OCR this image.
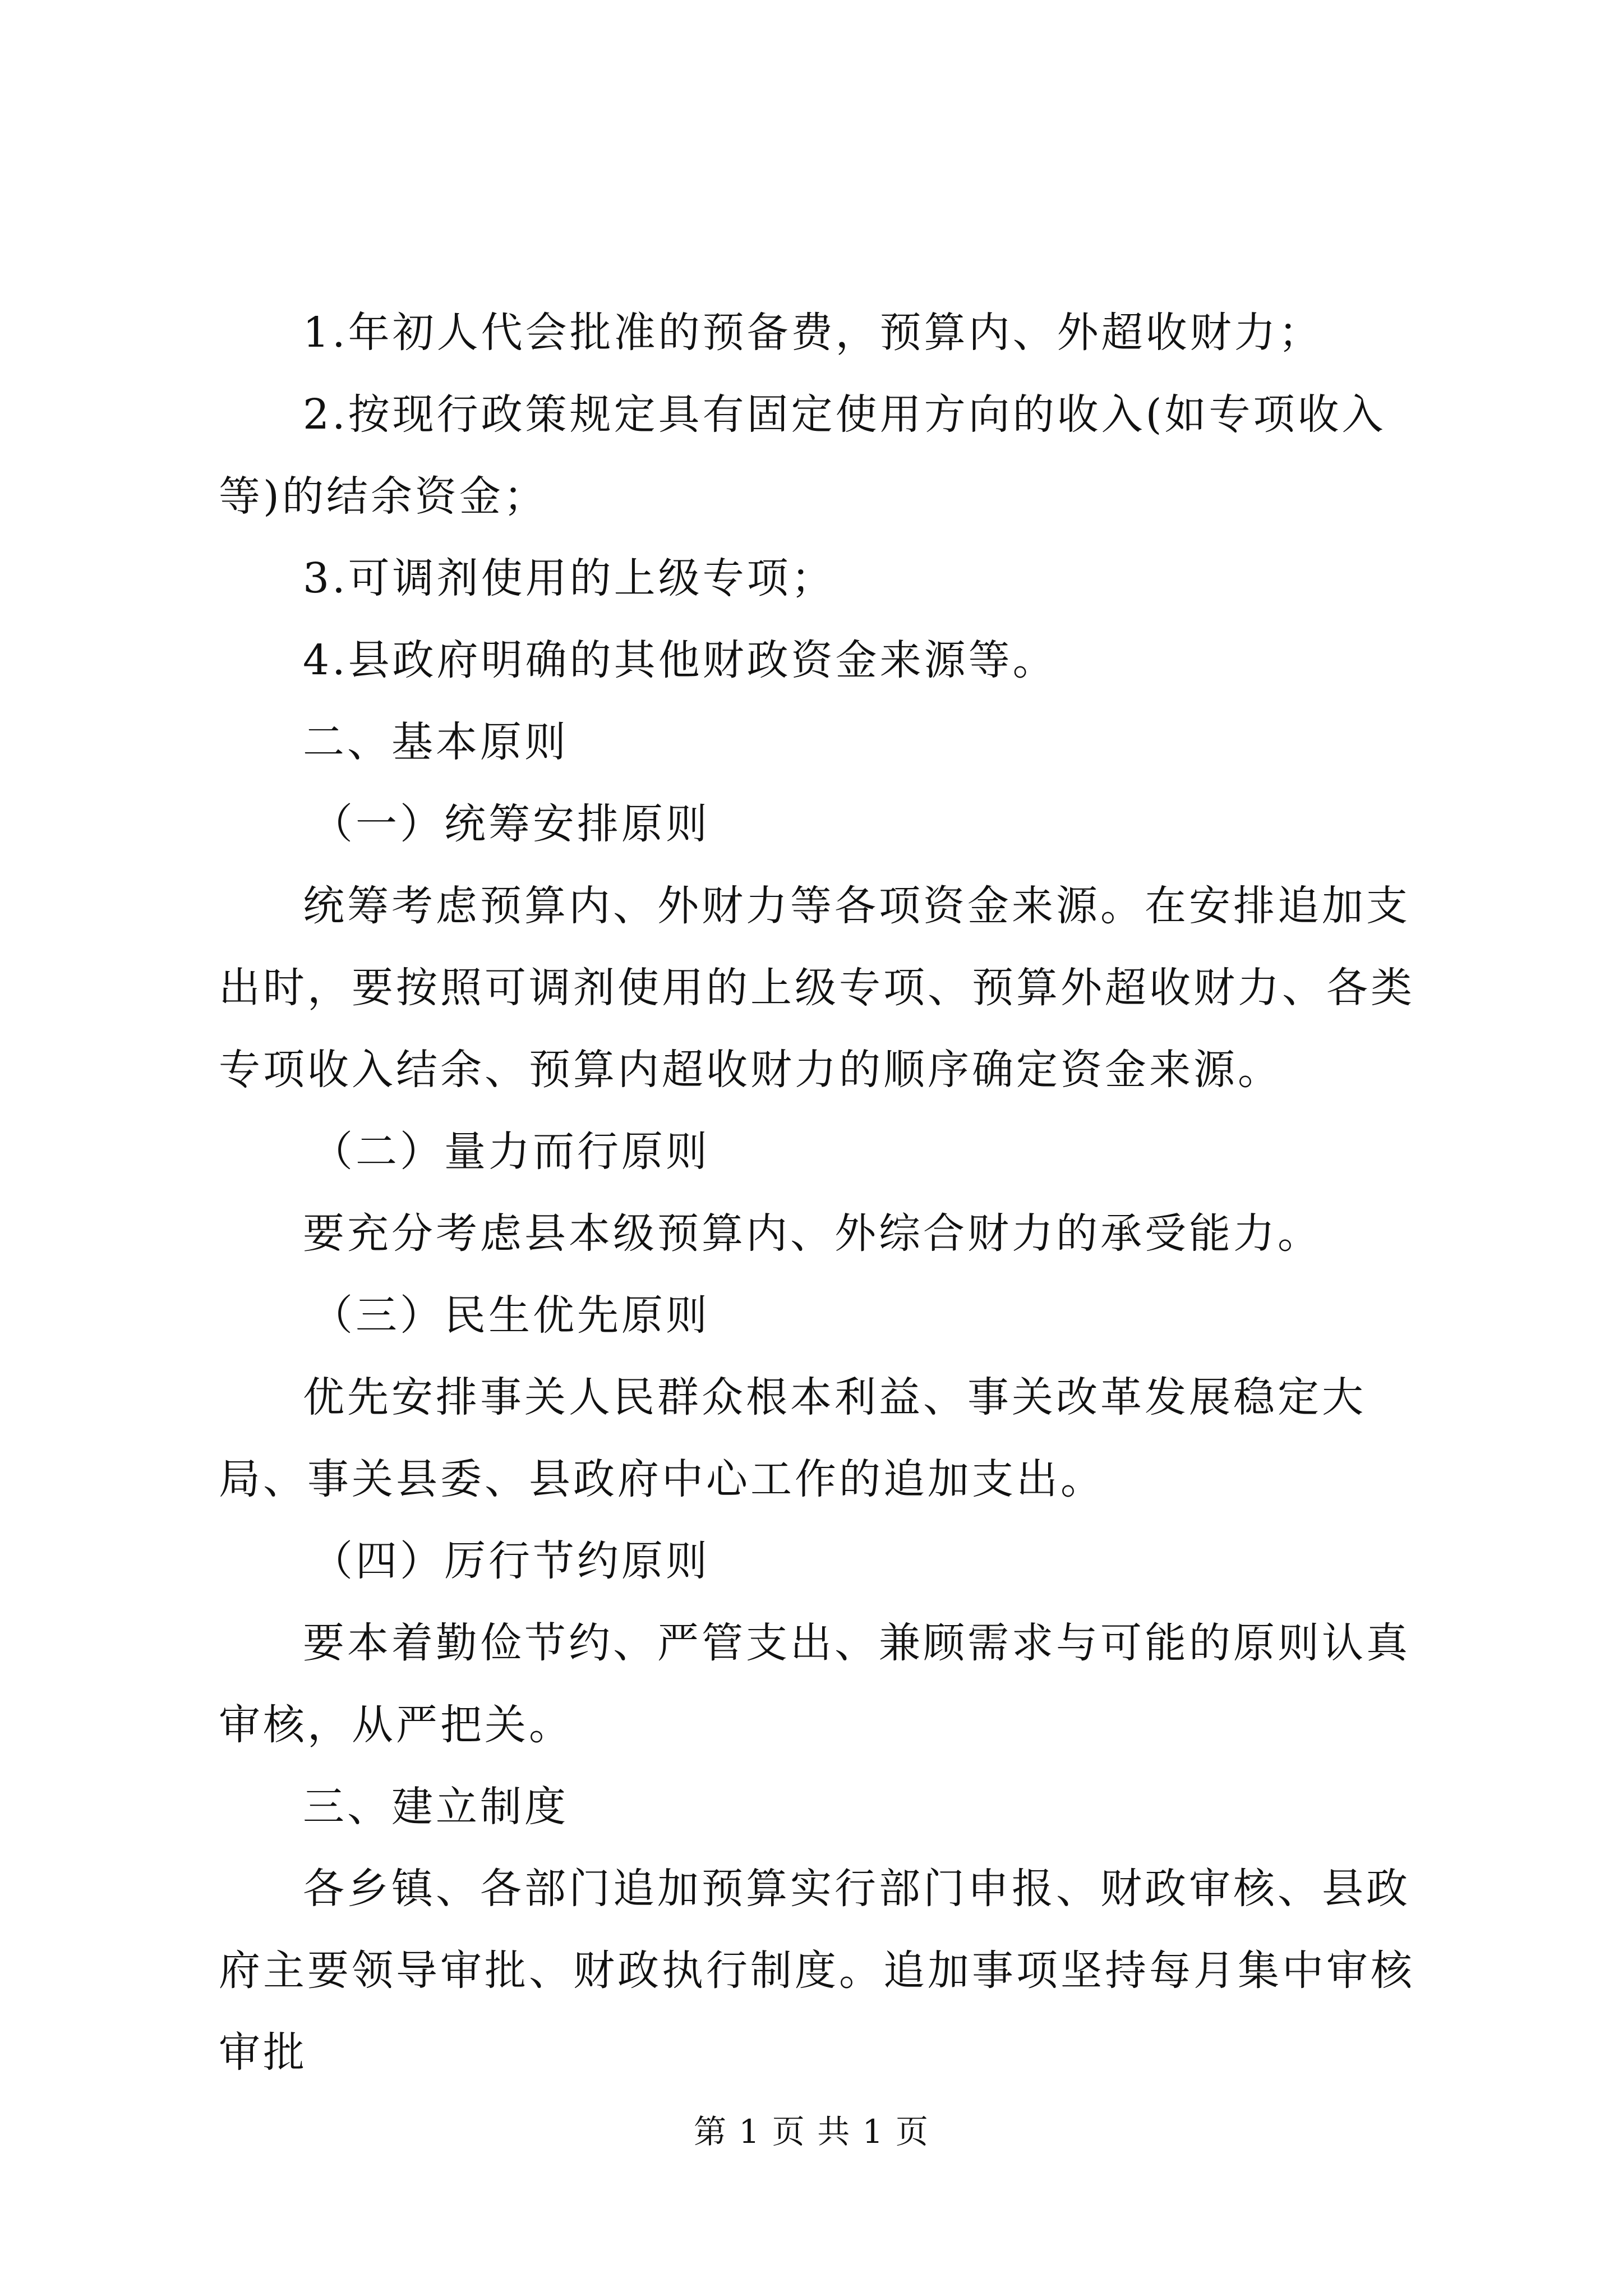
1.年初人代会批准的预备费，预算内、外超收财力；

2.按现行政策规定具有固定使用方向的收入(如专项收入等)的结余资金；

3.可调剂使用的上级专项；

4.县政府明确的其他财政资金来源等。

二、基本原则

（一）统筹安排原则

统筹考虑预算内、外财力等各项资金来源。在安排追加支出时，要按照可调剂使用的上级专项、预算外超收财力、各类专项收入结余、预算内超收财力的顺序确定资金来源。

（二）量力而行原则

要充分考虑县本级预算内、外综合财力的承受能力。

（三）民生优先原则

优先安排事关人民群众根本利益、事关改革发展稳定大局、事关县委、县政府中心工作的追加支出。

（四）厉行节约原则

要本着勤俭节约、严管支出、兼顾需求与可能的原则认真审核，从严把关。

三、建立制度

各乡镇、各部门追加预算实行部门申报、财政审核、县政府主要领导审批、财政执行制度。追加事项坚持每月集中审核审批

第 1 页 共 1 页
